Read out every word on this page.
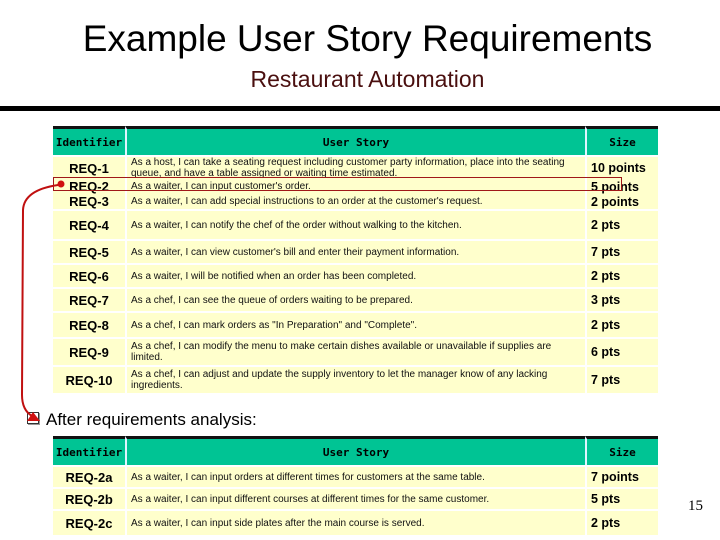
Example User Story Requirements
Restaurant Automation
Identifier	User Story	Size
REQ-1	As a host, I can take a seating request including customer party information, place into the seating queue, and have a table assigned or waiting time estimated.	10 points
REQ-2	As a waiter, I can input customer's order.	5 points
REQ-3	As a waiter, I can add special instructions to an order at the customer's request.	2 points
REQ-4	As a waiter, I can notify the chef of the order without walking to the kitchen.	2 pts
REQ-5	As a waiter, I can view customer's bill and enter their payment information.	7 pts
REQ-6	As a waiter, I will be notified when an order has been completed.	2 pts
REQ-7	As a chef, I can see the queue of orders waiting to be prepared.	3 pts
REQ-8	As a chef, I can mark orders as "In Preparation" and "Complete".	2 pts
REQ-9	As a chef, I can modify the menu to make certain dishes available or unavailable if supplies are limited.	6 pts
REQ-10	As a chef, I can adjust and update the supply inventory to let the manager know of any lacking ingredients.	7 pts
After requirements analysis:
Identifier	User Story	Size
REQ-2a	As a waiter, I can input orders at different times for customers at the same table.	7 points
REQ-2b	As a waiter, I can input different courses at different times for the same customer.	5 pts
REQ-2c	As a waiter, I can input side plates after the main course is served.	2 pts
15
